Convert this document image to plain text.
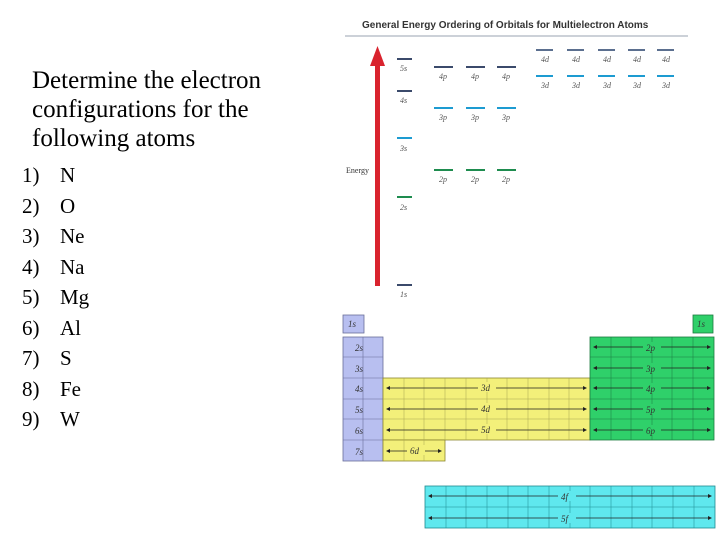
Determine the electron configurations for the following atoms
1) N
2) O
3) Ne
4) Na
5) Mg
6) Al
7) S
8) Fe
9) W
General Energy Ordering of Orbitals for Multielectron Atoms
Energy
5s
4s
3s
2s
1s
4p	4p	4p
3p	3p	3p
2p	2p	2p
4d	4d	4d	4d	4d
3d	3d	3d	3d	3d
1s	1s
2s
3s
4s
5s
6s
7s
3d
4d
5d
6d
2p
3p
4p
5p
6p
4f
5f
